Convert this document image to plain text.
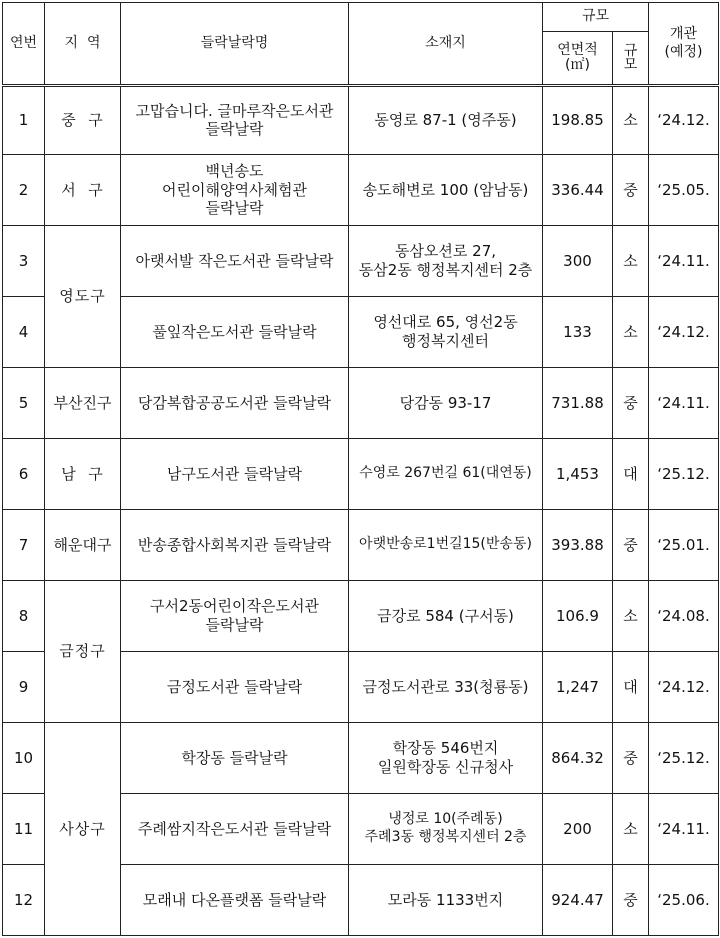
연번	지  역	들락날락명	소재지	규모		개관
(예정)
				연면적
(㎡)	규
모	
1	중  구	고맙습니다. 글마루작은도서관
들락날락	동영로 87-1 (영주동)	198.85	소	‘24.12.
2	서  구	백년송도
어린이해양역사체험관
들락날락	송도해변로 100 (암남동)	336.44	중	‘25.05.
3	영도구	아랫서발 작은도서관 들락날락	동삼오션로 27,
동삼2동 행정복지센터 2층	300	소	‘24.11.
4		풀잎작은도서관 들락날락	영선대로 65, 영선2동
행정복지센터	133	소	‘24.12.
5	부산진구	당감복합공공도서관 들락날락	당감동 93-17	731.88	중	‘24.11.
6	남  구	남구도서관 들락날락	수영로 267번길 61(대연동)	1,453	대	‘25.12.
7	해운대구	반송종합사회복지관 들락날락	아랫반송로1번길15(반송동)	393.88	중	‘25.01.
8	금정구	구서2동어린이작은도서관
들락날락	금강로 584 (구서동)	106.9	소	‘24.08.
9		금정도서관 들락날락	금정도서관로 33(청룡동)	1,247	대	‘24.12.
10	사상구	학장동 들락날락	학장동 546번지
일원학장동 신규청사	864.32	중	‘25.12.
11		주례쌈지작은도서관 들락날락	냉정로 10(주례동)
주례3동 행정복지센터 2층	200	소	‘24.11.
12		모래내 다온플랫폼 들락날락	모라동 1133번지	924.47	중	‘25.06.
